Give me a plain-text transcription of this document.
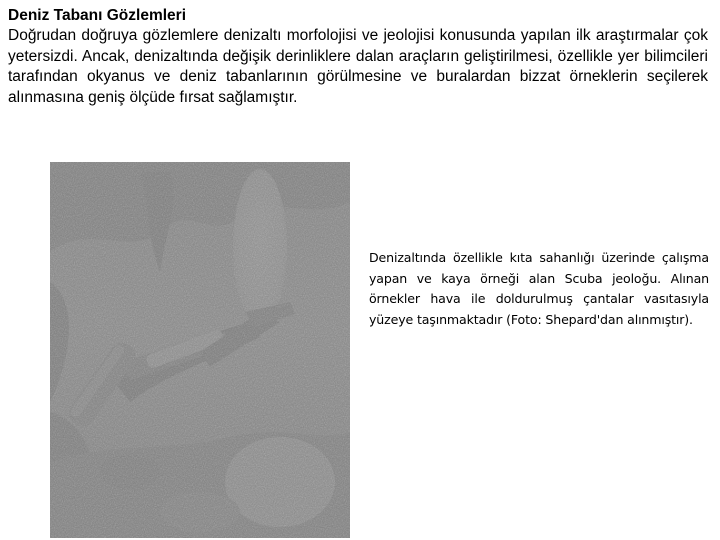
Deniz Tabanı Gözlemleri

Doğrudan doğruya gözlemlere denizaltı morfolojisi ve jeolojisi konusunda yapılan ilk araştırmalar çok yetersizdi. Ancak, denizaltında değişik derinliklere dalan araçların geliştirilmesi, özellikle yer bilimcileri tarafından okyanus ve deniz tabanlarının görülmesine ve buralardan bizzat örneklerin seçilerek alınmasına geniş ölçüde fırsat sağlamıştır.

Denizaltında özellikle kıta sahanlığı üzerinde çalışma yapan ve kaya örneği alan Scuba jeoloğu. Alınan örnekler hava ile doldurulmuş çantalar vasıtasıyla yüzeye taşınmaktadır (Foto: Shepard'dan alınmıştır).
